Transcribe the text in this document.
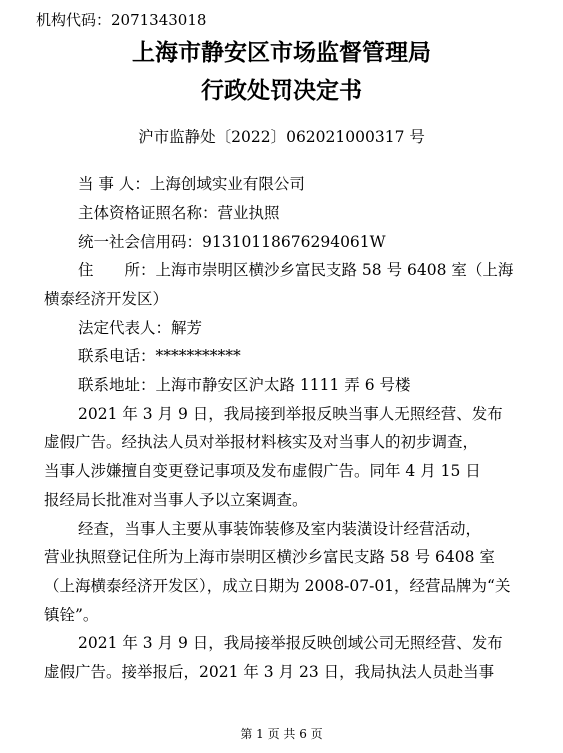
机构代码：2071343018
上海市静安区市场监督管理局
行政处罚决定书
沪市监静处〔2022〕062021000317 号
当 事 人：上海创域实业有限公司
主体资格证照名称：营业执照
统一社会信用码：91310118676294061W
住　　所：上海市崇明区横沙乡富民支路 58 号 6408 室（上海
横泰经济开发区）
法定代表人：解芳
联系电话：***********
联系地址：上海市静安区沪太路 1111 弄 6 号楼
2021 年 3 月 9 日，我局接到举报反映当事人无照经营、发布
虚假广告。经执法人员对举报材料核实及对当事人的初步调查，
当事人涉嫌擅自变更登记事项及发布虚假广告。同年 4 月 15 日
报经局长批准对当事人予以立案调查。
经查，当事人主要从事装饰装修及室内装潢设计经营活动，
营业执照登记住所为上海市崇明区横沙乡富民支路 58 号 6408 室
（上海横泰经济开发区），成立日期为 2008-07-01，经营品牌为“关
镇铨”。
2021 年 3 月 9 日，我局接举报反映创域公司无照经营、发布
虚假广告。接举报后，2021 年 3 月 23 日，我局执法人员赴当事
第 1 页 共 6 页
